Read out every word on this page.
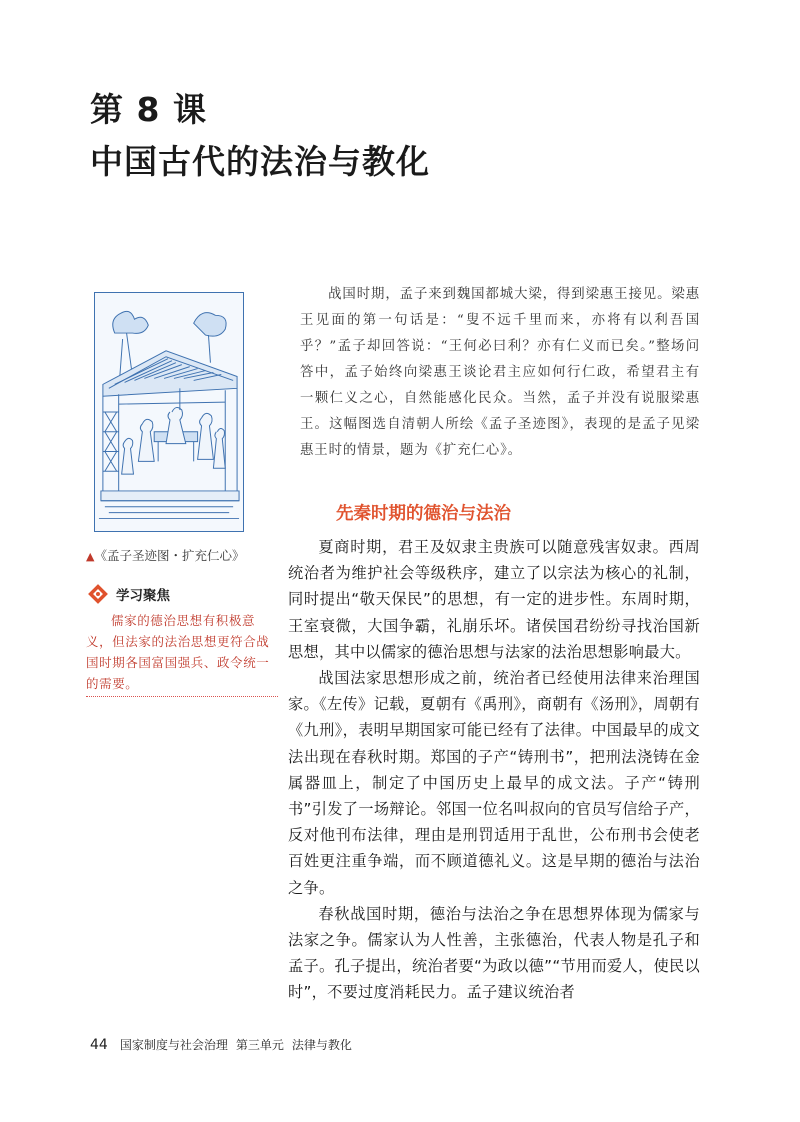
第 8 课
中国古代的法治与教化
▲《孟子圣迹图・扩充仁心》
学习聚焦

儒家的德治思想有积极意义，但法家的法治思想更符合战国时期各国富国强兵、政令统一的需要。

战国时期，孟子来到魏国都城大梁，得到梁惠王接见。梁惠王见面的第一句话是：“叟不远千里而来，亦将有以利吾国乎？”孟子却回答说：“王何必曰利？亦有仁义而已矣。”整场问答中，孟子始终向梁惠王谈论君主应如何行仁政，希望君主有一颗仁义之心，自然能感化民众。当然，孟子并没有说服梁惠王。这幅图选自清朝人所绘《孟子圣迹图》，表现的是孟子见梁惠王时的情景，题为《扩充仁心》。

先秦时期的德治与法治

夏商时期，君王及奴隶主贵族可以随意残害奴隶。西周统治者为维护社会等级秩序，建立了以宗法为核心的礼制，同时提出“敬天保民”的思想，有一定的进步性。东周时期，王室衰微，大国争霸，礼崩乐坏。诸侯国君纷纷寻找治国新思想，其中以儒家的德治思想与法家的法治思想影响最大。

战国法家思想形成之前，统治者已经使用法律来治理国家。《左传》记载，夏朝有《禹刑》，商朝有《汤刑》，周朝有《九刑》，表明早期国家可能已经有了法律。中国最早的成文法出现在春秋时期。郑国的子产“铸刑书”，把刑法浇铸在金属器皿上，制定了中国历史上最早的成文法。子产“铸刑书”引发了一场辩论。邻国一位名叫叔向的官员写信给子产，反对他刊布法律，理由是刑罚适用于乱世，公布刑书会使老百姓更注重争端，而不顾道德礼义。这是早期的德治与法治之争。

春秋战国时期，德治与法治之争在思想界体现为儒家与法家之争。儒家认为人性善，主张德治，代表人物是孔子和孟子。孔子提出，统治者要“为政以德”“节用而爱人，使民以时”，不要过度消耗民力。孟子建议统治者

44 国家制度与社会治理 第三单元 法律与教化
